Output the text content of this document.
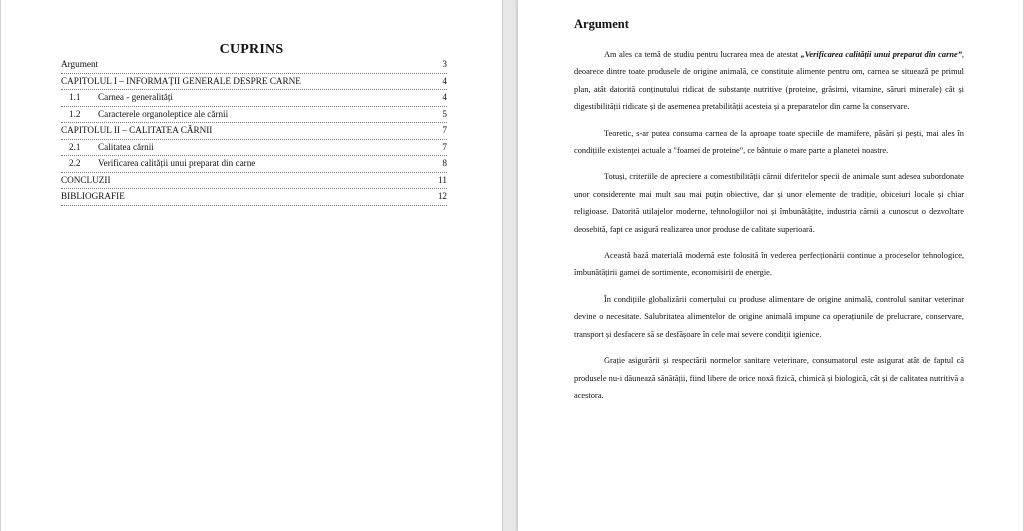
CUPRINS
Argument	3
CAPITOLUL I – INFORMAȚII GENERALE DESPRE CARNE	4
1.1 Carnea - generalități	4
1.2 Caracterele organoleptice ale cărnii	5
CAPITOLUL II – CALITATEA CĂRNII	7
2.1 Calitatea cărnii	7
2.2 Verificarea calității unui preparat din carne	8
CONCLUZII	11
BIBLIOGRAFIE	12
Argument

Am ales ca temă de studiu pentru lucrarea mea de atestat „Verificarea calității unui preparat din carne”, deoarece dintre toate produsele de origine animală, ce constituie alimente pentru om, carnea se situează pe primul plan, atât datorită conținutului ridicat de substanțe nutritive (proteine, grăsimi, vitamine, săruri minerale) cât și digestibilității ridicate și de asemenea pretabilității acesteia și a preparatelor din carne la conservare.

Teoretic, s-ar putea consuma carnea de la aproape toate speciile de mamifere, păsări și pești, mai ales în condițiile existenței actuale a "foamei de proteine", ce bântuie o mare parte a planetei noastre.

Totuși, criteriile de apreciere a comestibilității cărnii diferitelor specii de animale sunt adesea subordonate unor considerente mai mult sau mai puțin obiective, dar și unor elemente de tradiție, obiceiuri locale și chiar religioase. Datorită utilajelor moderne, tehnologiilor noi și îmbunătățite, industria cărnii a cunoscut o dezvoltare deosebită, fapt ce asigură realizarea unor produse de calitate superioară.

Această bază materială modernă este folosită în vederea perfecționării continue a proceselor tehnologice, îmbunătățirii gamei de sortimente, economisirii de energie.

În condițiile globalizării comerțului cu produse alimentare de origine animală, controlul sanitar veterinar devine o necesitate. Salubritatea alimentelor de origine animală impune ca operațiunile de prelucrare, conservare, transport și desfacere să se desfășoare în cele mai severe condiții igienice.

Grație asigurării și respectării normelor sanitare veterinare, consumatorul este asigurat atât de faptul că produsele nu-i dăunează sănătății, fiind libere de orice noxă fizică, chimică și biologică, cât și de calitatea nutritivă a acestora.
